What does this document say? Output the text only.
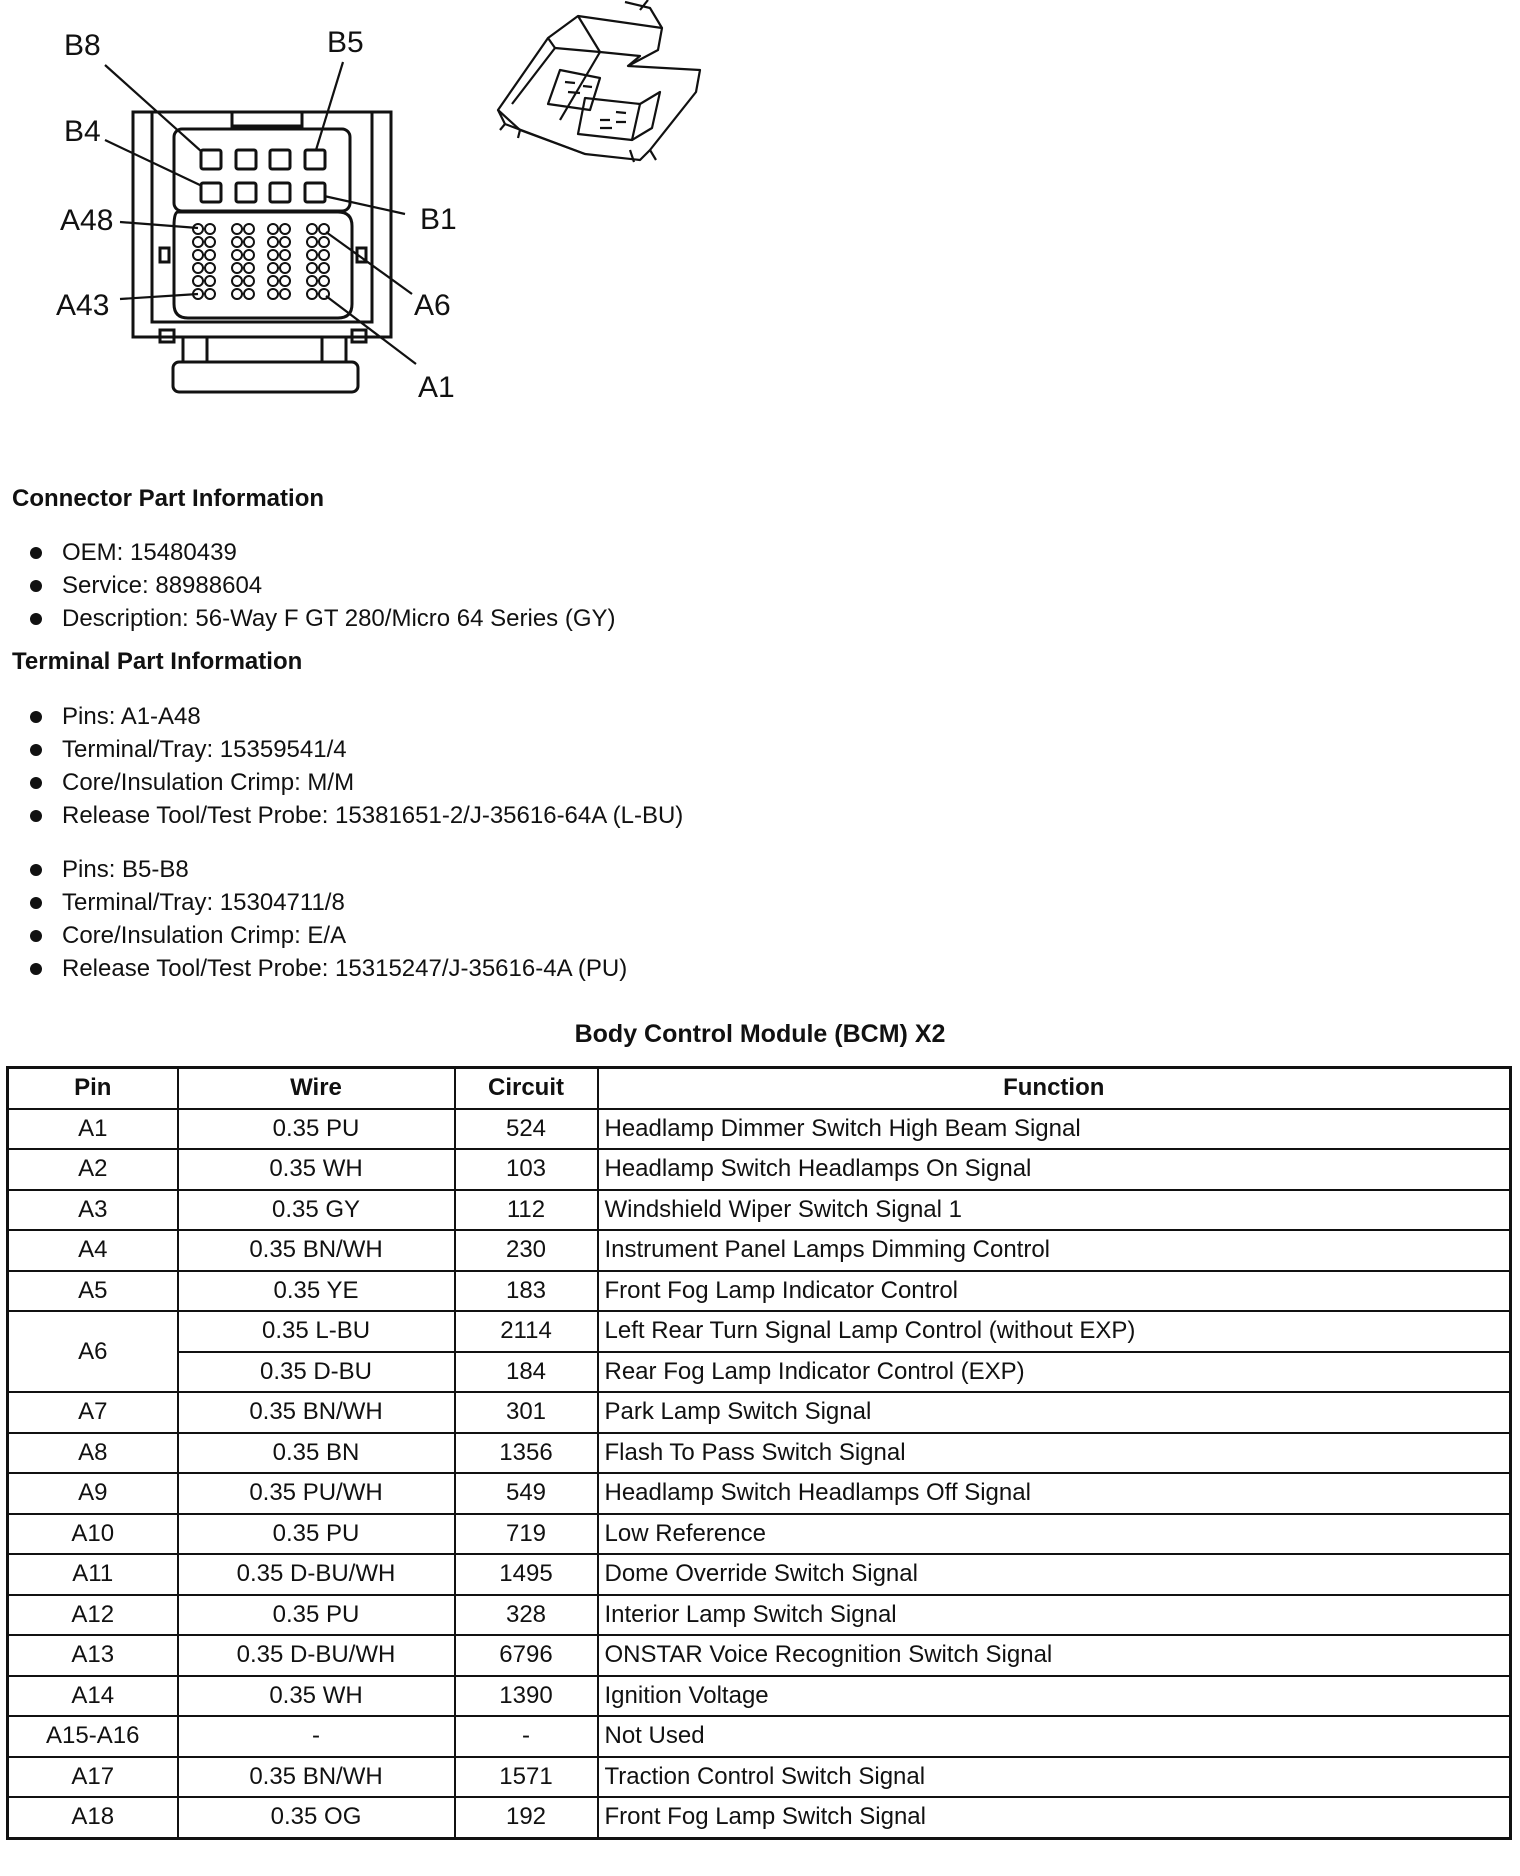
B8	B5
B4
B1
A48
A6
A43
A1
Connector Part Information
OEM: 15480439
Service: 88988604
Description: 56-Way F GT 280/Micro 64 Series (GY)
Terminal Part Information
Pins: A1-A48
Terminal/Tray: 15359541/4
Core/Insulation Crimp: M/M
Release Tool/Test Probe: 15381651-2/J-35616-64A (L-BU)
Pins: B5-B8
Terminal/Tray: 15304711/8
Core/Insulation Crimp: E/A
Release Tool/Test Probe: 15315247/J-35616-4A (PU)
Body Control Module (BCM) X2
Pin	Wire	Circuit	Function
A1	0.35 PU	524	Headlamp Dimmer Switch High Beam Signal
A2	0.35 WH	103	Headlamp Switch Headlamps On Signal
A3	0.35 GY	112	Windshield Wiper Switch Signal 1
A4	0.35 BN/WH	230	Instrument Panel Lamps Dimming Control
A5	0.35 YE	183	Front Fog Lamp Indicator Control
A6	0.35 L-BU	2114	Left Rear Turn Signal Lamp Control (without EXP)
	0.35 D-BU	184	Rear Fog Lamp Indicator Control (EXP)
A7	0.35 BN/WH	301	Park Lamp Switch Signal
A8	0.35 BN	1356	Flash To Pass Switch Signal
A9	0.35 PU/WH	549	Headlamp Switch Headlamps Off Signal
A10	0.35 PU	719	Low Reference
A11	0.35 D-BU/WH	1495	Dome Override Switch Signal
A12	0.35 PU	328	Interior Lamp Switch Signal
A13	0.35 D-BU/WH	6796	ONSTAR Voice Recognition Switch Signal
A14	0.35 WH	1390	Ignition Voltage
A15-A16	-	-	Not Used
A17	0.35 BN/WH	1571	Traction Control Switch Signal
A18	0.35 OG	192	Front Fog Lamp Switch Signal
